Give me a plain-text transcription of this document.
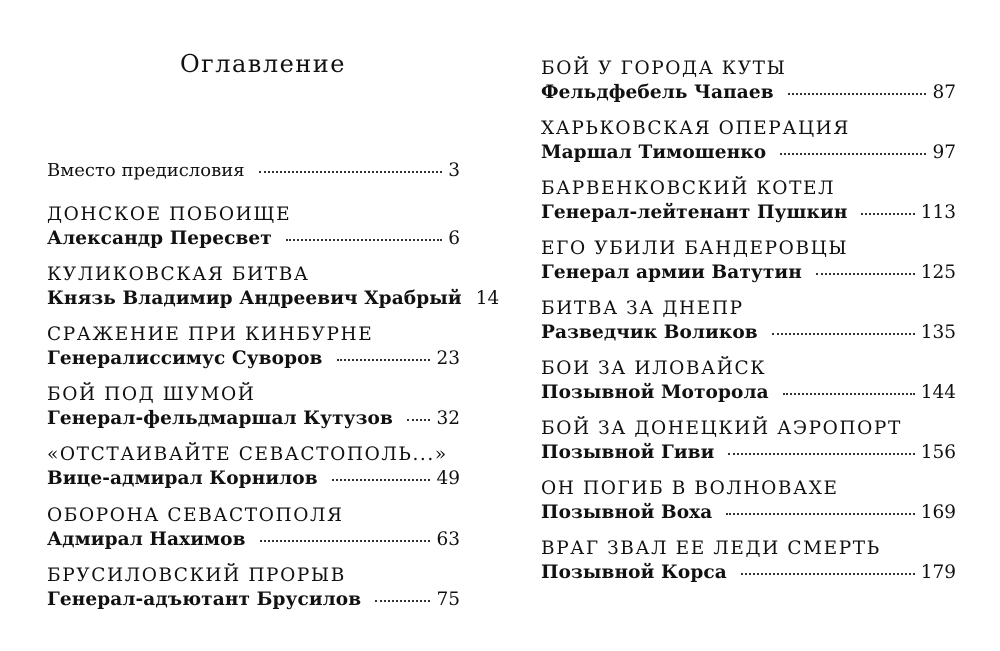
Оглавление
Вместо предисловия	3
ДОНСКОЕ ПОБОИЩЕ
Александр Пересвет	6
КУЛИКОВСКАЯ БИТВА
Князь Владимир Андреевич Храбрый 14
СРАЖЕНИЕ ПРИ КИНБУРНЕ
Генералиссимус Суворов	23
БОЙ ПОД ШУМОЙ
Генерал-фельдмаршал Кутузов 32
«ОТСТАИВАЙТЕ СЕВАСТОПОЛЬ...»
Вице-адмирал Корнилов	49
ОБОРОНА СЕВАСТОПОЛЯ
Адмирал Нахимов	63
БРУСИЛОВСКИЙ ПРОРЫВ
Генерал-адъютант Брусилов	75
БОЙ У ГОРОДА КУТЫ
Фельдфебель Чапаев	87
ХАРЬКОВСКАЯ ОПЕРАЦИЯ
Маршал Тимошенко	97
БАРВЕНКОВСКИЙ КОТЕЛ
Генерал-лейтенант Пушкин	113
ЕГО УБИЛИ БАНДЕРОВЦЫ
Генерал армии Ватутин	125
БИТВА ЗА ДНЕПР
Разведчик Воликов	135
БОИ ЗА ИЛОВАЙСК
Позывной Моторола	144
БОЙ ЗА ДОНЕЦКИЙ АЭРОПОРТ
Позывной Гиви	156
ОН ПОГИБ В ВОЛНОВАХЕ
Позывной Воха	169
ВРАГ ЗВАЛ ЕЕ ЛЕДИ СМЕРТЬ
Позывной Корса	179
